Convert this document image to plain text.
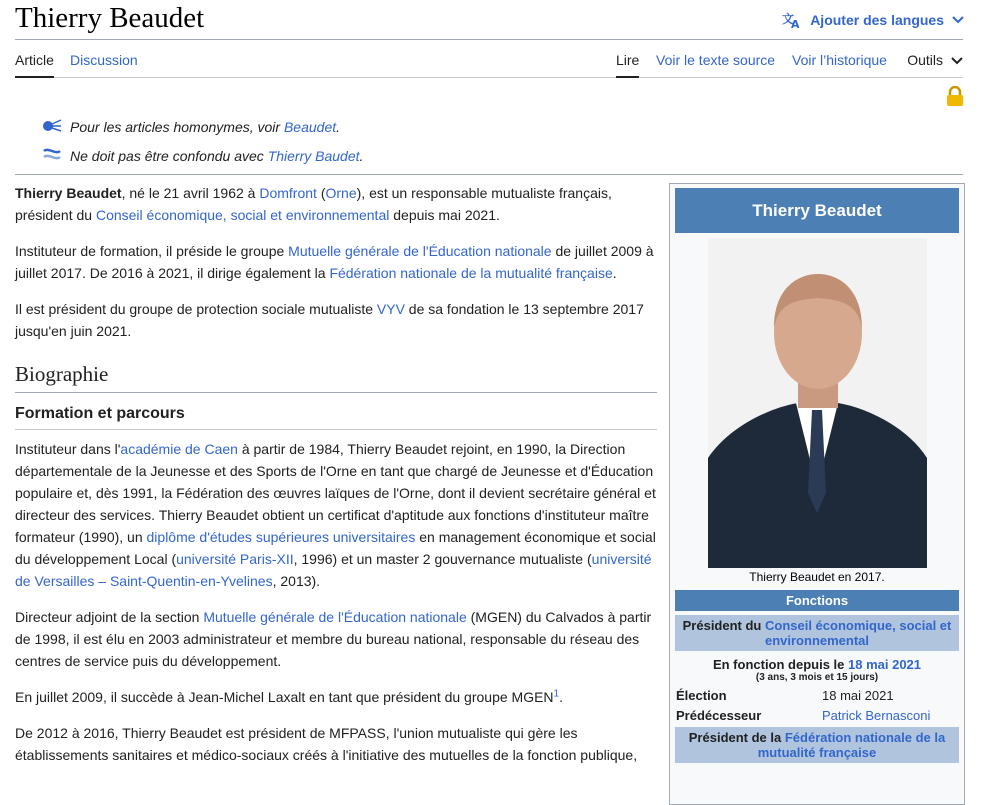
Thierry Beaudet	文
A Ajouter des langues
Article Discussion	Lire Voir le texte source Voir l’historique Outils
Pour les articles homonymes, voir Beaudet.
Ne doit pas être confondu avec Thierry Baudet.

Thierry Beaudet, né le 21 avril 1962 à Domfront (Orne), est un responsable mutualiste français, président du Conseil économique, social et environnemental depuis mai 2021.

Instituteur de formation, il préside le groupe Mutuelle générale de l'Éducation nationale de juillet 2009 à juillet 2017. De 2016 à 2021, il dirige également la Fédération nationale de la mutualité française.

Il est président du groupe de protection sociale mutualiste VYV de sa fondation le 13 septembre 2017 jusqu'en juin 2021.

Biographie
Formation et parcours

Instituteur dans l'académie de Caen à partir de 1984, Thierry Beaudet rejoint, en 1990, la Direction départementale de la Jeunesse et des Sports de l'Orne en tant que chargé de Jeunesse et d'Éducation populaire et, dès 1991, la Fédération des œuvres laïques de l'Orne, dont il devient secrétaire général et directeur des services. Thierry Beaudet obtient un certificat d'aptitude aux fonctions d'instituteur maître formateur (1990), un diplôme d'études supérieures universitaires en management économique et social du développement Local (université Paris-XII, 1996) et un master 2 gouvernance mutualiste (université de Versailles – Saint-Quentin-en-Yvelines, 2013).

Directeur adjoint de la section Mutuelle générale de l'Éducation nationale (MGEN) du Calvados à partir de 1998, il est élu en 2003 administrateur et membre du bureau national, responsable du réseau des centres de service puis du développement.

En juillet 2009, il succède à Jean-Michel Laxalt en tant que président du groupe MGEN$^1$.

De 2012 à 2016, Thierry Beaudet est président de MFPASS, l'union mutualiste qui gère les établissements sanitaires et médico-sociaux créés à l'initiative des mutuelles de la fonction publique,

Thierry Beaudet
Thierry Beaudet en 2017.
Fonctions
Président du Conseil économique, social et environnemental
En fonction depuis le 18 mai 2021
(3 ans, 3 mois et 15 jours)
Élection	18 mai 2021
Prédécesseur	Patrick Bernasconi
Président de la Fédération nationale de la mutualité française
